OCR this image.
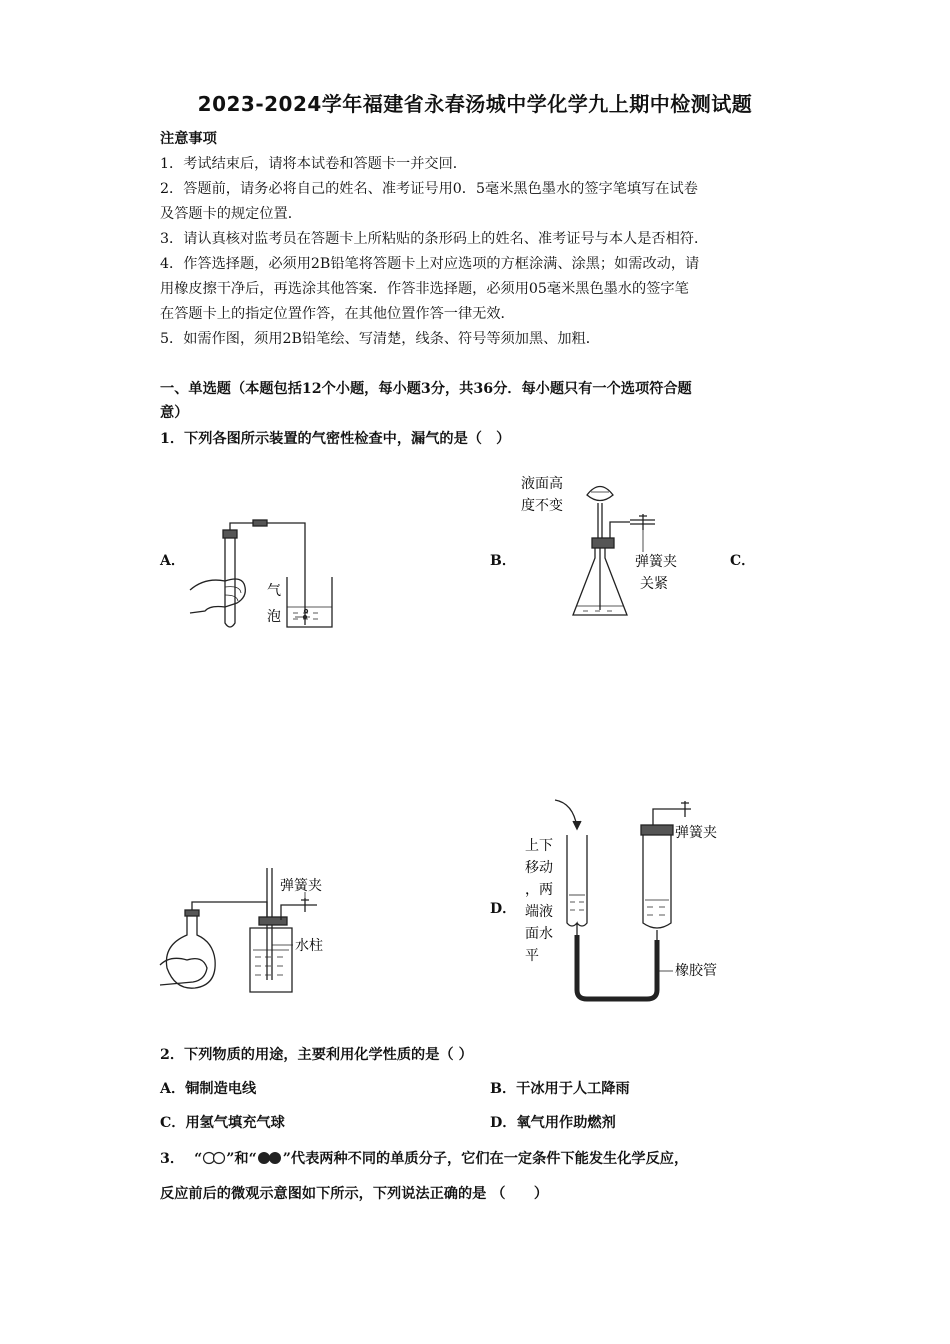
2023-2024学年福建省永春汤城中学化学九上期中检测试题
注意事项
1．考试结束后，请将本试卷和答题卡一并交回．
2．答题前，请务必将自己的姓名、准考证号用0．5毫米黑色墨水的签字笔填写在试卷
及答题卡的规定位置．
3．请认真核对监考员在答题卡上所粘贴的条形码上的姓名、准考证号与本人是否相符．
4．作答选择题，必须用2B铅笔将答题卡上对应选项的方框涂满、涂黑；如需改动，请
用橡皮擦干净后，再选涂其他答案．作答非选择题，必须用05毫米黑色墨水的签字笔
在答题卡上的指定位置作答，在其他位置作答一律无效．
5．如需作图，须用2B铅笔绘、写清楚，线条、符号等须加黑、加粗．
一、单选题（本题包括12个小题，每小题3分，共36分．每小题只有一个选项符合题
意）
1．下列各图所示装置的气密性检查中，漏气的是（　）
A．	B．	C．
D．
气
泡
液面高
度不变
弹簧夹
关紧
弹簧夹
水柱
上下
移动
，两
端液
面水
平
弹簧夹
橡胶管
2．下列物质的用途，主要利用化学性质的是（ ）
A．铜制造电线	B．干冰用于人工降雨
C．用氢气填充气球	D．氧气用作助燃剂
3． “ ”和“ ”代表两种不同的单质分子，它们在一定条件下能发生化学反应，
反应前后的微观示意图如下所示，下列说法正确的是 （　　）
